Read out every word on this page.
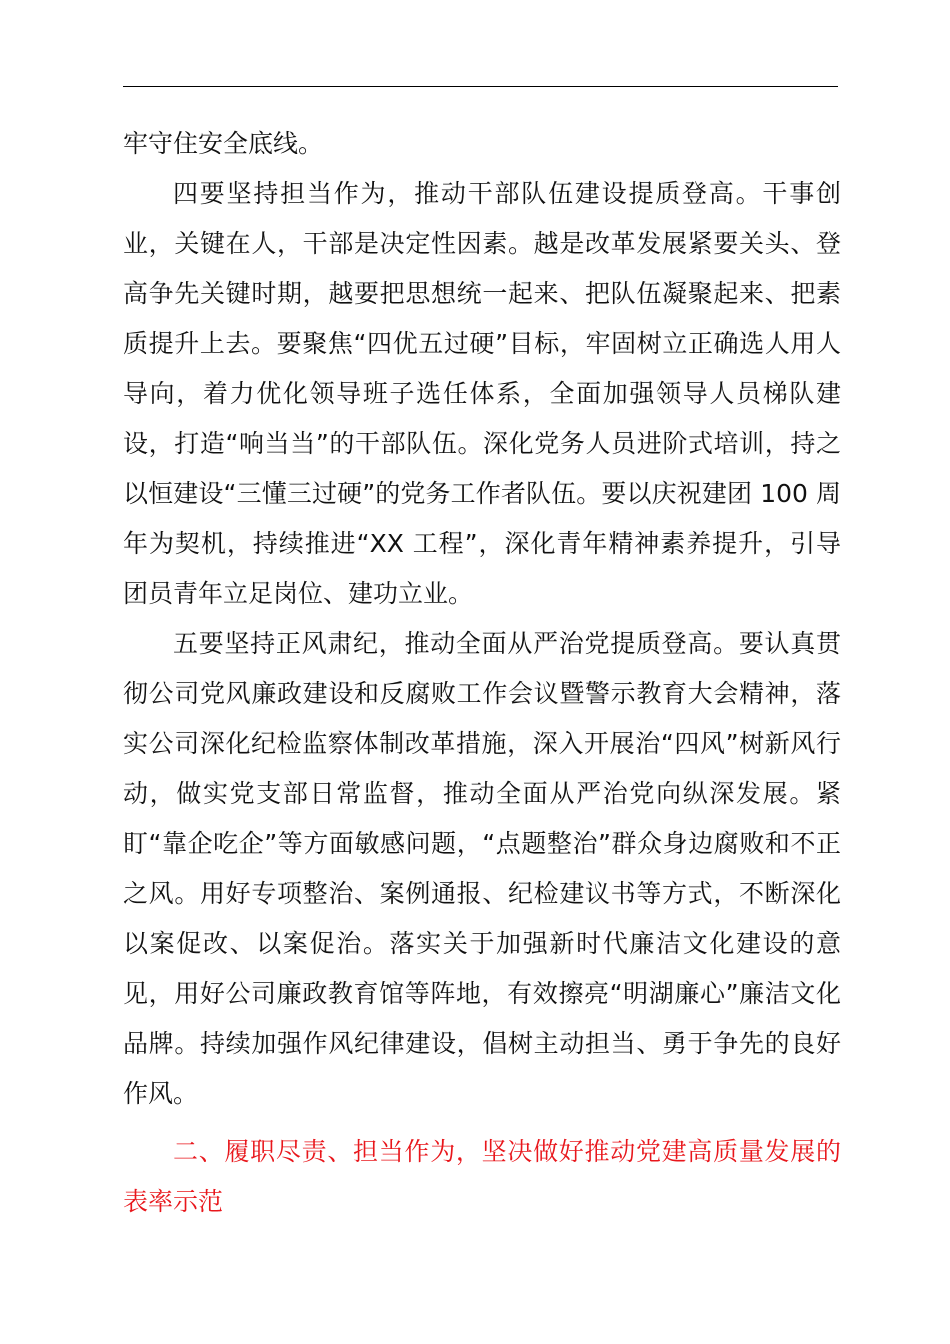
牢守住安全底线。

四要坚持担当作为，推动干部队伍建设提质登高。干事创业，关键在人，干部是决定性因素。越是改革发展紧要关头、登高争先关键时期，越要把思想统一起来、把队伍凝聚起来、把素质提升上去。要聚焦“四优五过硬”目标，牢固树立正确选人用人导向，着力优化领导班子选任体系，全面加强领导人员梯队建设，打造“响当当”的干部队伍。深化党务人员进阶式培训，持之以恒建设“三懂三过硬”的党务工作者队伍。要以庆祝建团 100 周年为契机，持续推进“XX 工程”，深化青年精神素养提升，引导团员青年立足岗位、建功立业。

五要坚持正风肃纪，推动全面从严治党提质登高。要认真贯彻公司党风廉政建设和反腐败工作会议暨警示教育大会精神，落实公司深化纪检监察体制改革措施，深入开展治“四风”树新风行动，做实党支部日常监督，推动全面从严治党向纵深发展。紧盯“靠企吃企”等方面敏感问题，“点题整治”群众身边腐败和不正之风。用好专项整治、案例通报、纪检建议书等方式，不断深化以案促改、以案促治。落实关于加强新时代廉洁文化建设的意见，用好公司廉政教育馆等阵地，有效擦亮“明湖廉心”廉洁文化品牌。持续加强作风纪律建设，倡树主动担当、勇于争先的良好作风。

二、履职尽责、担当作为，坚决做好推动党建高质量发展的表率示范
